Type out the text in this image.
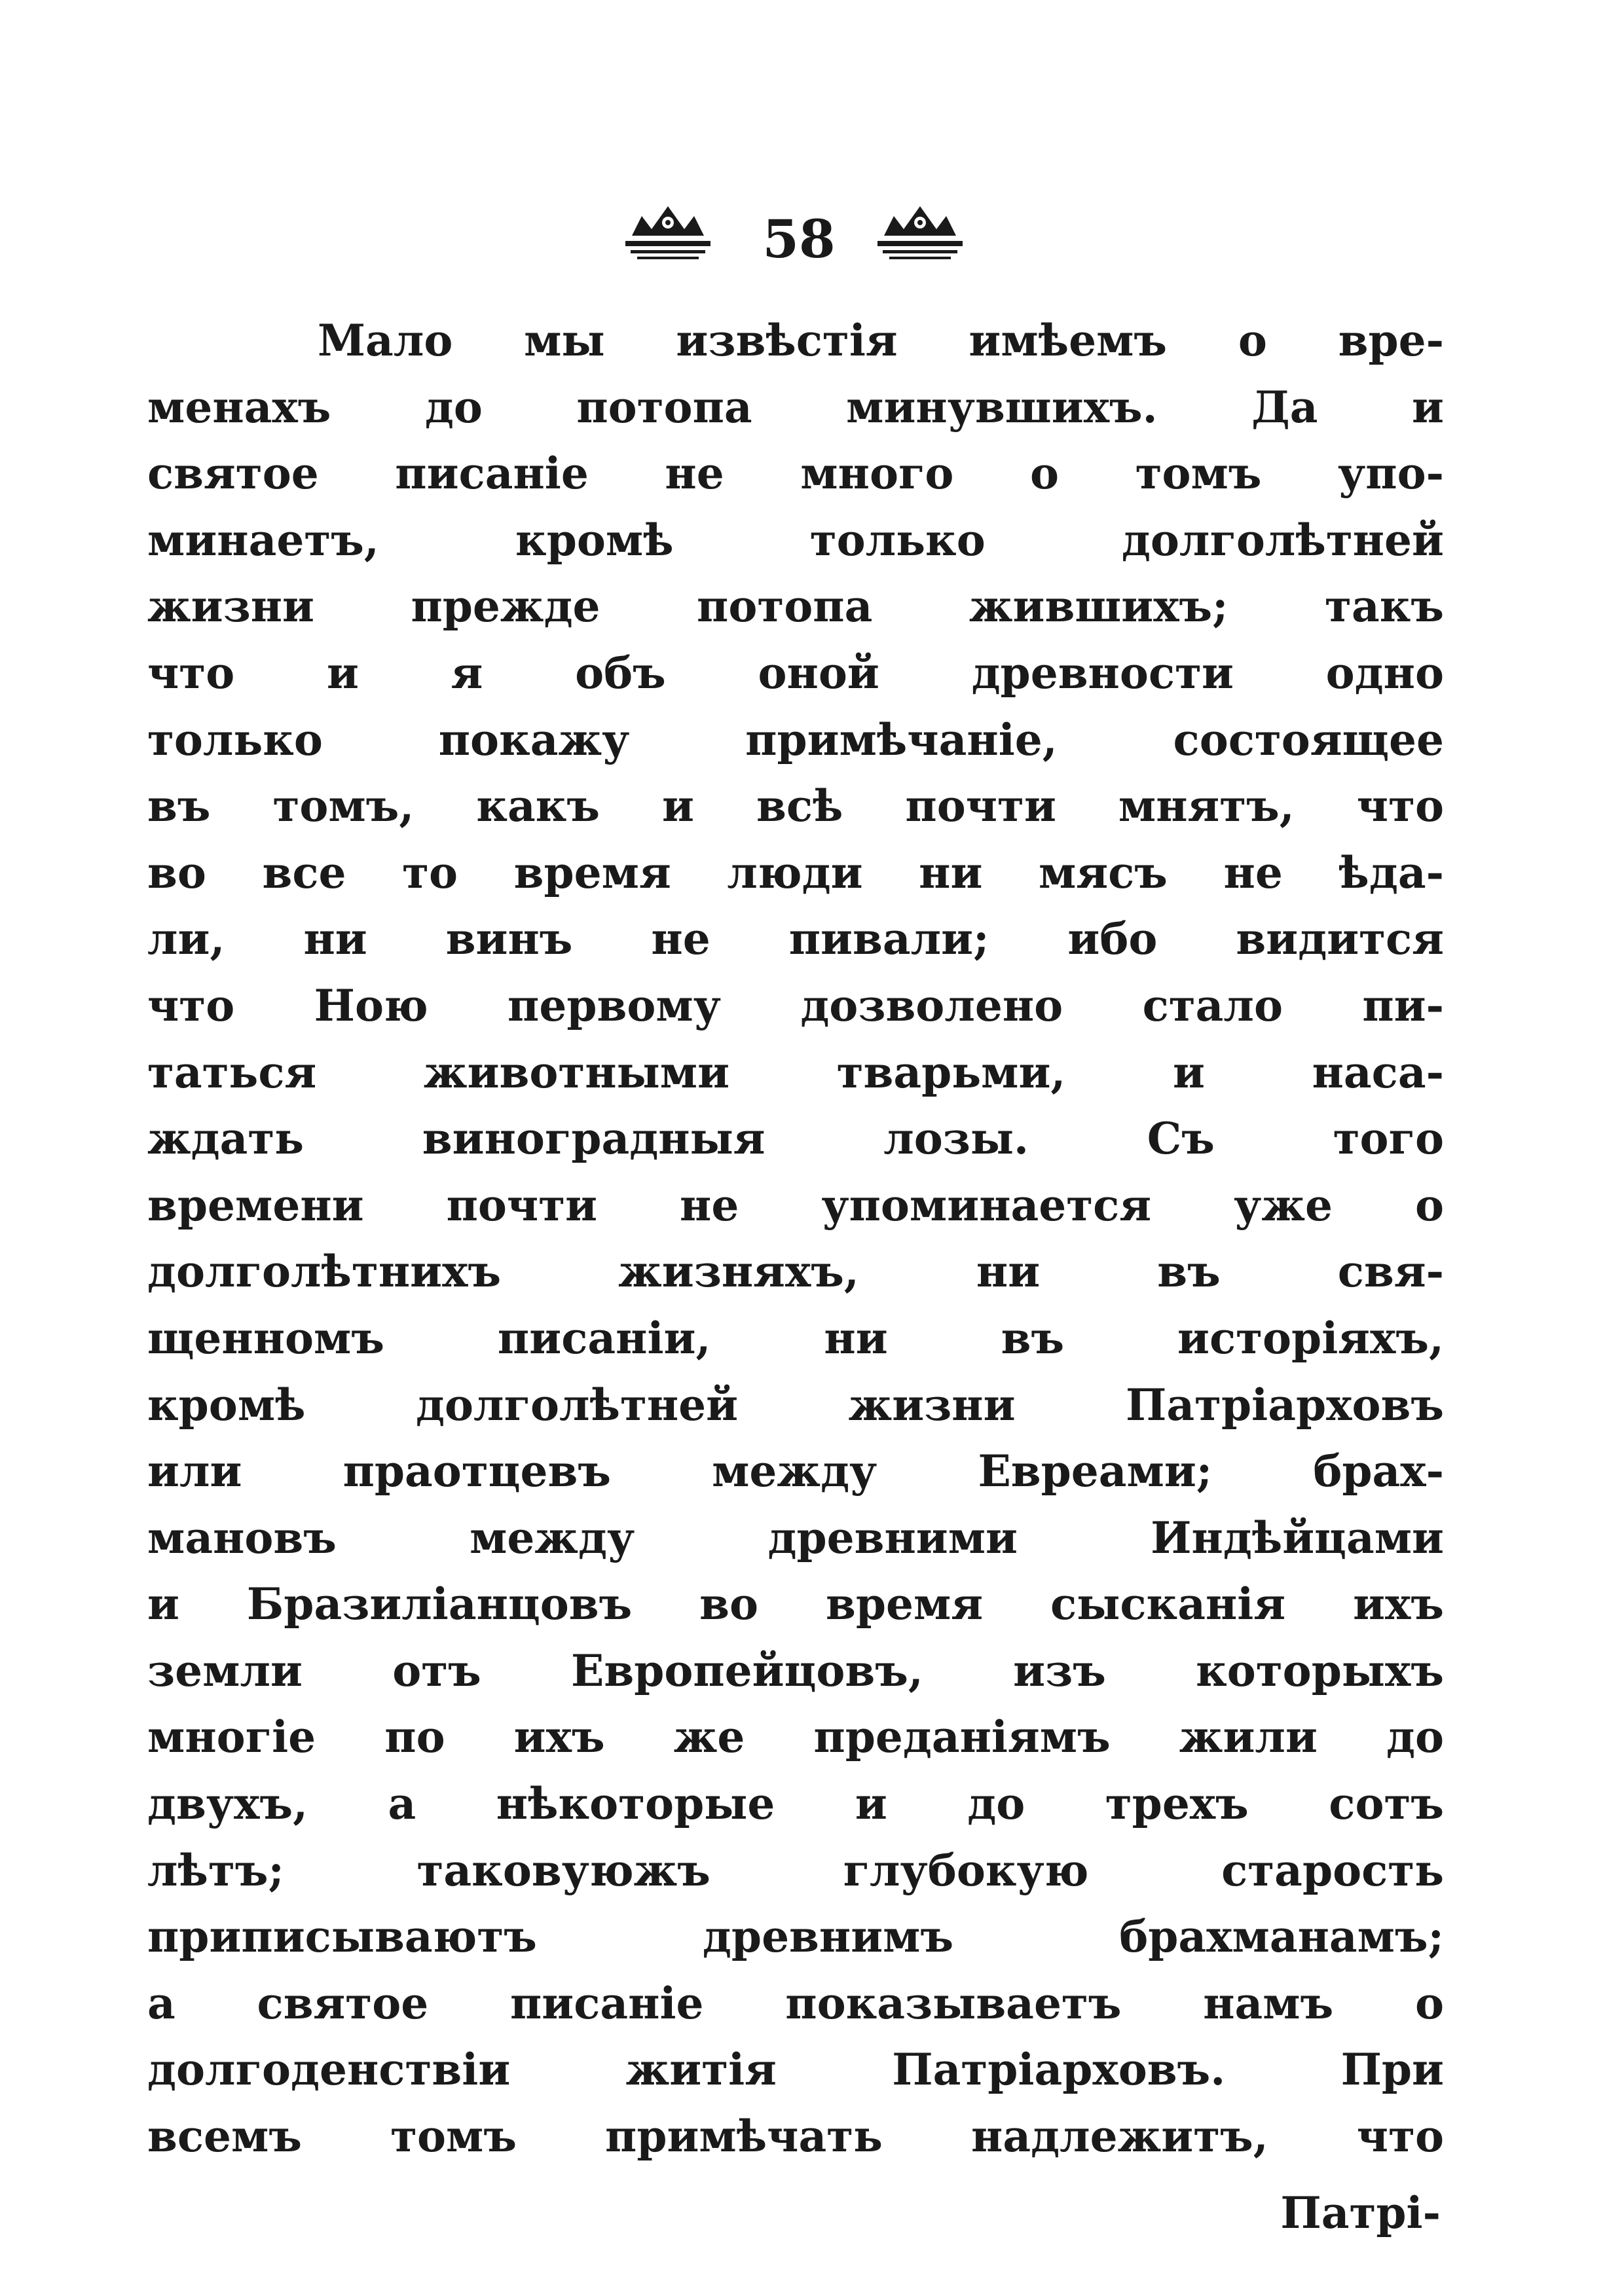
58
Мало мы извѣстія имѣемъ о вре-
менахъ до потопа минувшихъ. Да и
святое писаніе не много о томъ упо-
минаетъ, кромѣ только долголѣтней
жизни прежде потопа жившихъ; такъ
что и я объ оной древности одно
только покажу примѣчаніе, состоящее
въ томъ, какъ и всѣ почти мнятъ, что
во все то время люди ни мясъ не ѣда-
ли, ни винъ не пивали; ибо видится
что Ною первому дозволено стало пи-
таться животными тварьми, и наса-
ждать виноградныя лозы. Съ того
времени почти не упоминается уже о
долголѣтнихъ жизняхъ, ни въ свя-
щенномъ писаніи, ни въ исторіяхъ,
кромѣ долголѣтней жизни Патріарховъ
или праотцевъ между Евреами; брах-
мановъ между древними Индѣйцами
и Бразиліанцовъ во время сысканія ихъ
земли отъ Европейцовъ, изъ которыхъ
многіе по ихъ же преданіямъ жили до
двухъ, а нѣкоторые и до трехъ сотъ
лѣтъ; таковуюжъ глубокую старость
приписываютъ древнимъ брахманамъ;
а святое писаніе показываетъ намъ о
долгоденствіи житія Патріарховъ. При
всемъ томъ примѣчать надлежитъ, что
Патрі-
